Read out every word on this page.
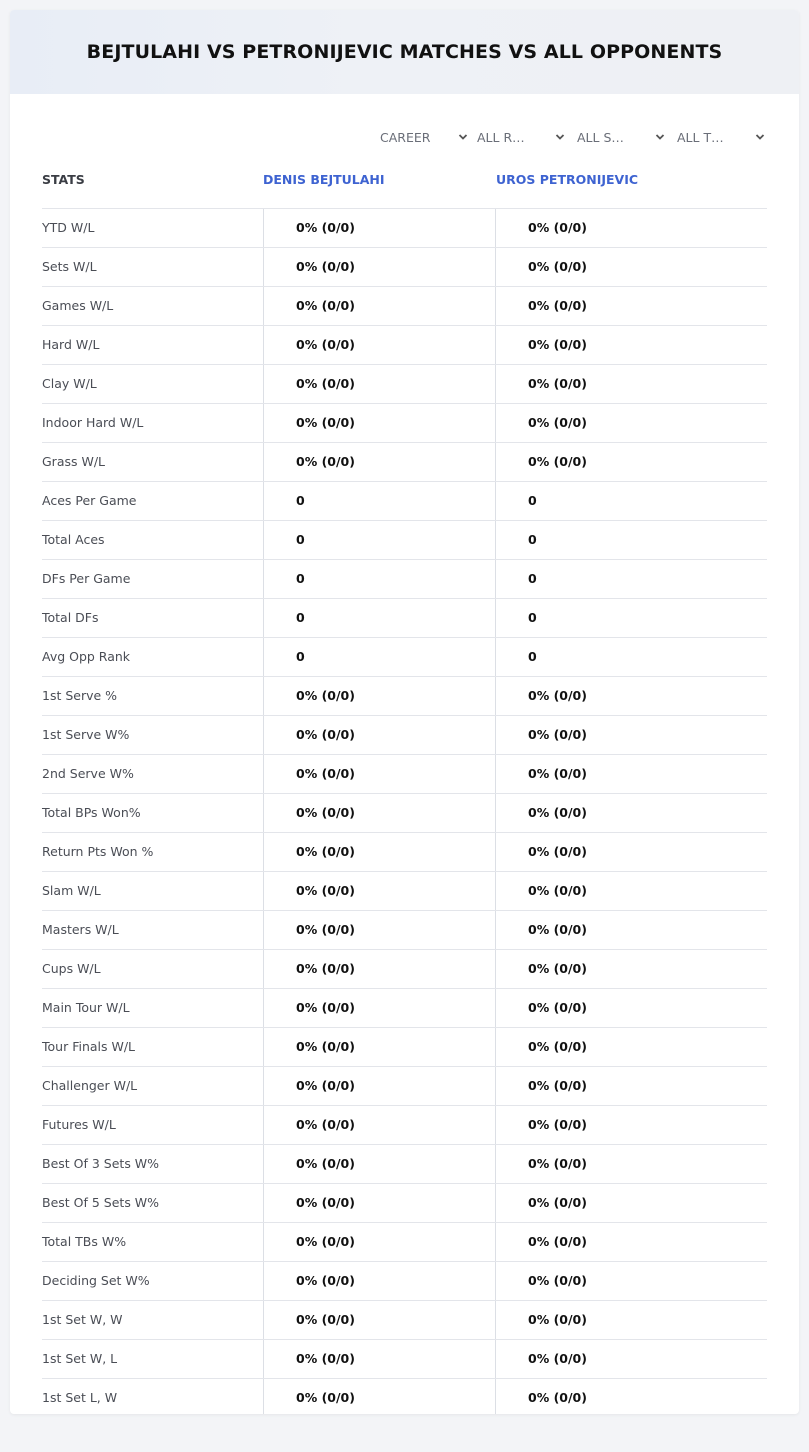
BEJTULAHI VS PETRONIJEVIC MATCHES VS ALL OPPONENTS
CAREER	ALL R…	ALL S…	ALL T…
STATS	DENIS BEJTULAHI	UROS PETRONIJEVIC
YTD W/L	0% (0/0)	0% (0/0)
Sets W/L	0% (0/0)	0% (0/0)
Games W/L	0% (0/0)	0% (0/0)
Hard W/L	0% (0/0)	0% (0/0)
Clay W/L	0% (0/0)	0% (0/0)
Indoor Hard W/L	0% (0/0)	0% (0/0)
Grass W/L	0% (0/0)	0% (0/0)
Aces Per Game	0	0
Total Aces	0	0
DFs Per Game	0	0
Total DFs	0	0
Avg Opp Rank	0	0
1st Serve %	0% (0/0)	0% (0/0)
1st Serve W%	0% (0/0)	0% (0/0)
2nd Serve W%	0% (0/0)	0% (0/0)
Total BPs Won%	0% (0/0)	0% (0/0)
Return Pts Won %	0% (0/0)	0% (0/0)
Slam W/L	0% (0/0)	0% (0/0)
Masters W/L	0% (0/0)	0% (0/0)
Cups W/L	0% (0/0)	0% (0/0)
Main Tour W/L	0% (0/0)	0% (0/0)
Tour Finals W/L	0% (0/0)	0% (0/0)
Challenger W/L	0% (0/0)	0% (0/0)
Futures W/L	0% (0/0)	0% (0/0)
Best Of 3 Sets W%	0% (0/0)	0% (0/0)
Best Of 5 Sets W%	0% (0/0)	0% (0/0)
Total TBs W%	0% (0/0)	0% (0/0)
Deciding Set W%	0% (0/0)	0% (0/0)
1st Set W, W	0% (0/0)	0% (0/0)
1st Set W, L	0% (0/0)	0% (0/0)
1st Set L, W	0% (0/0)	0% (0/0)
